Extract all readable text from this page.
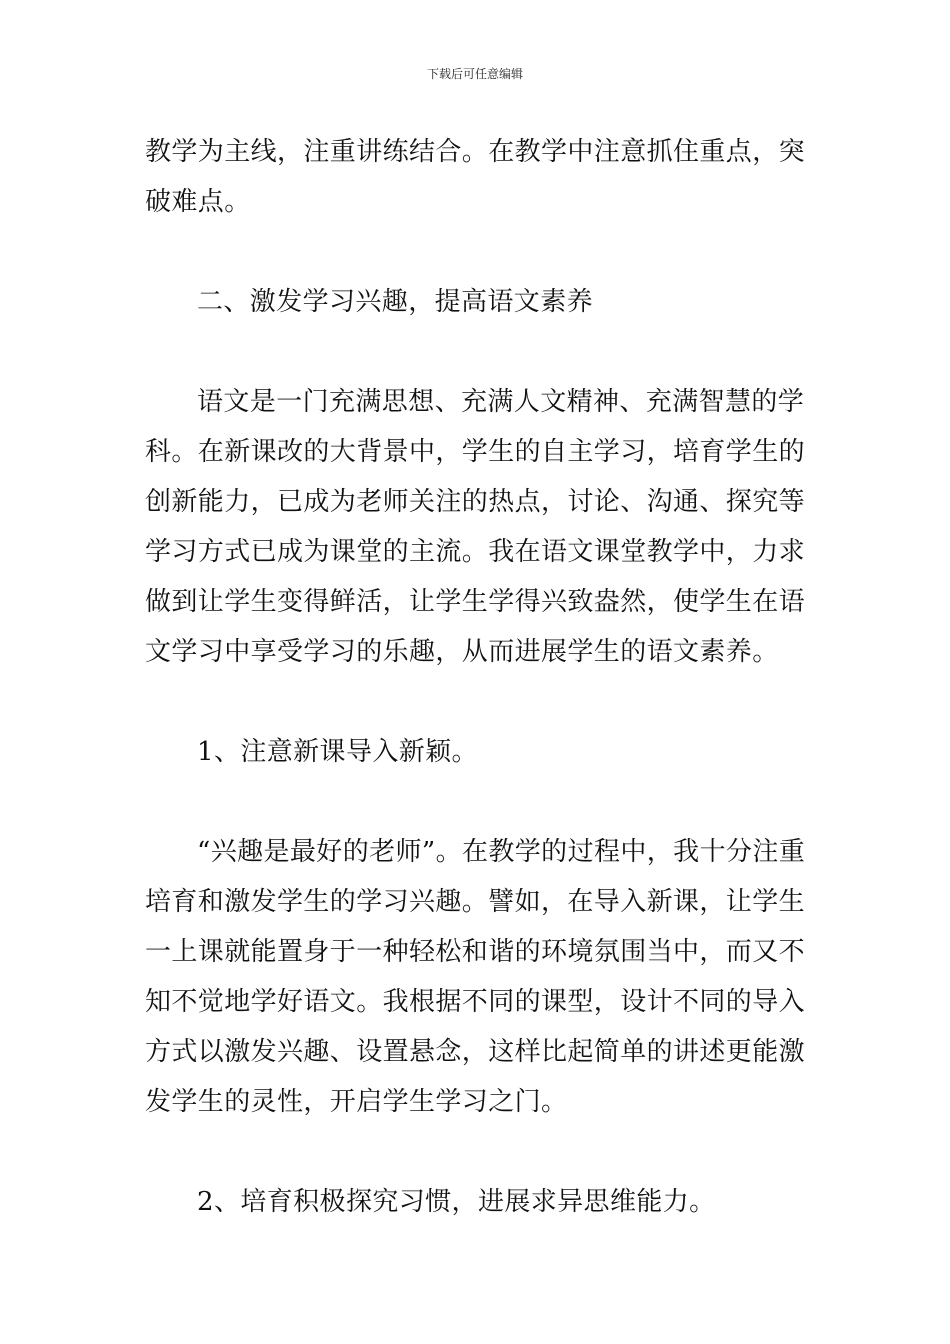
下载后可任意编辑

教学为主线，注重讲练结合。在教学中注意抓住重点，突破难点。

二、激发学习兴趣，提高语文素养

语文是一门充满思想、充满人文精神、充满智慧的学科。在新课改的大背景中，学生的自主学习，培育学生的创新能力，已成为老师关注的热点，讨论、沟通、探究等学习方式已成为课堂的主流。我在语文课堂教学中，力求做到让学生变得鲜活，让学生学得兴致盎然，使学生在语文学习中享受学习的乐趣，从而进展学生的语文素养。

1、注意新课导入新颖。

“兴趣是最好的老师”。在教学的过程中，我十分注重培育和激发学生的学习兴趣。譬如，在导入新课，让学生一上课就能置身于一种轻松和谐的环境氛围当中，而又不知不觉地学好语文。我根据不同的课型，设计不同的导入方式以激发兴趣、设置悬念，这样比起简单的讲述更能激发学生的灵性，开启学生学习之门。

2、培育积极探究习惯，进展求异思维能力。
